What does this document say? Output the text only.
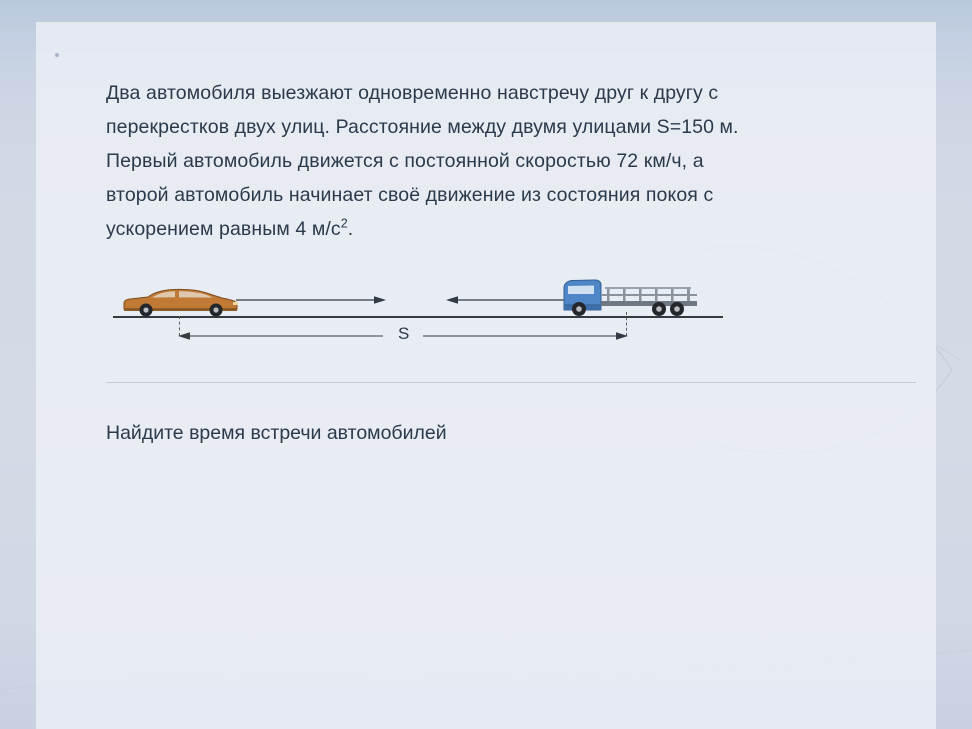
Два автомобиля выезжают одновременно навстречу друг к другу с
перекрестков двух улиц. Расстояние между двумя улицами S=150 м.
Первый автомобиль движется с постоянной скоростью 72 км/ч, а
второй автомобиль начинает своё движение из состояния покоя с
ускорением равным 4 $м/с^2$.
S
Найдите время встречи автомобилей
